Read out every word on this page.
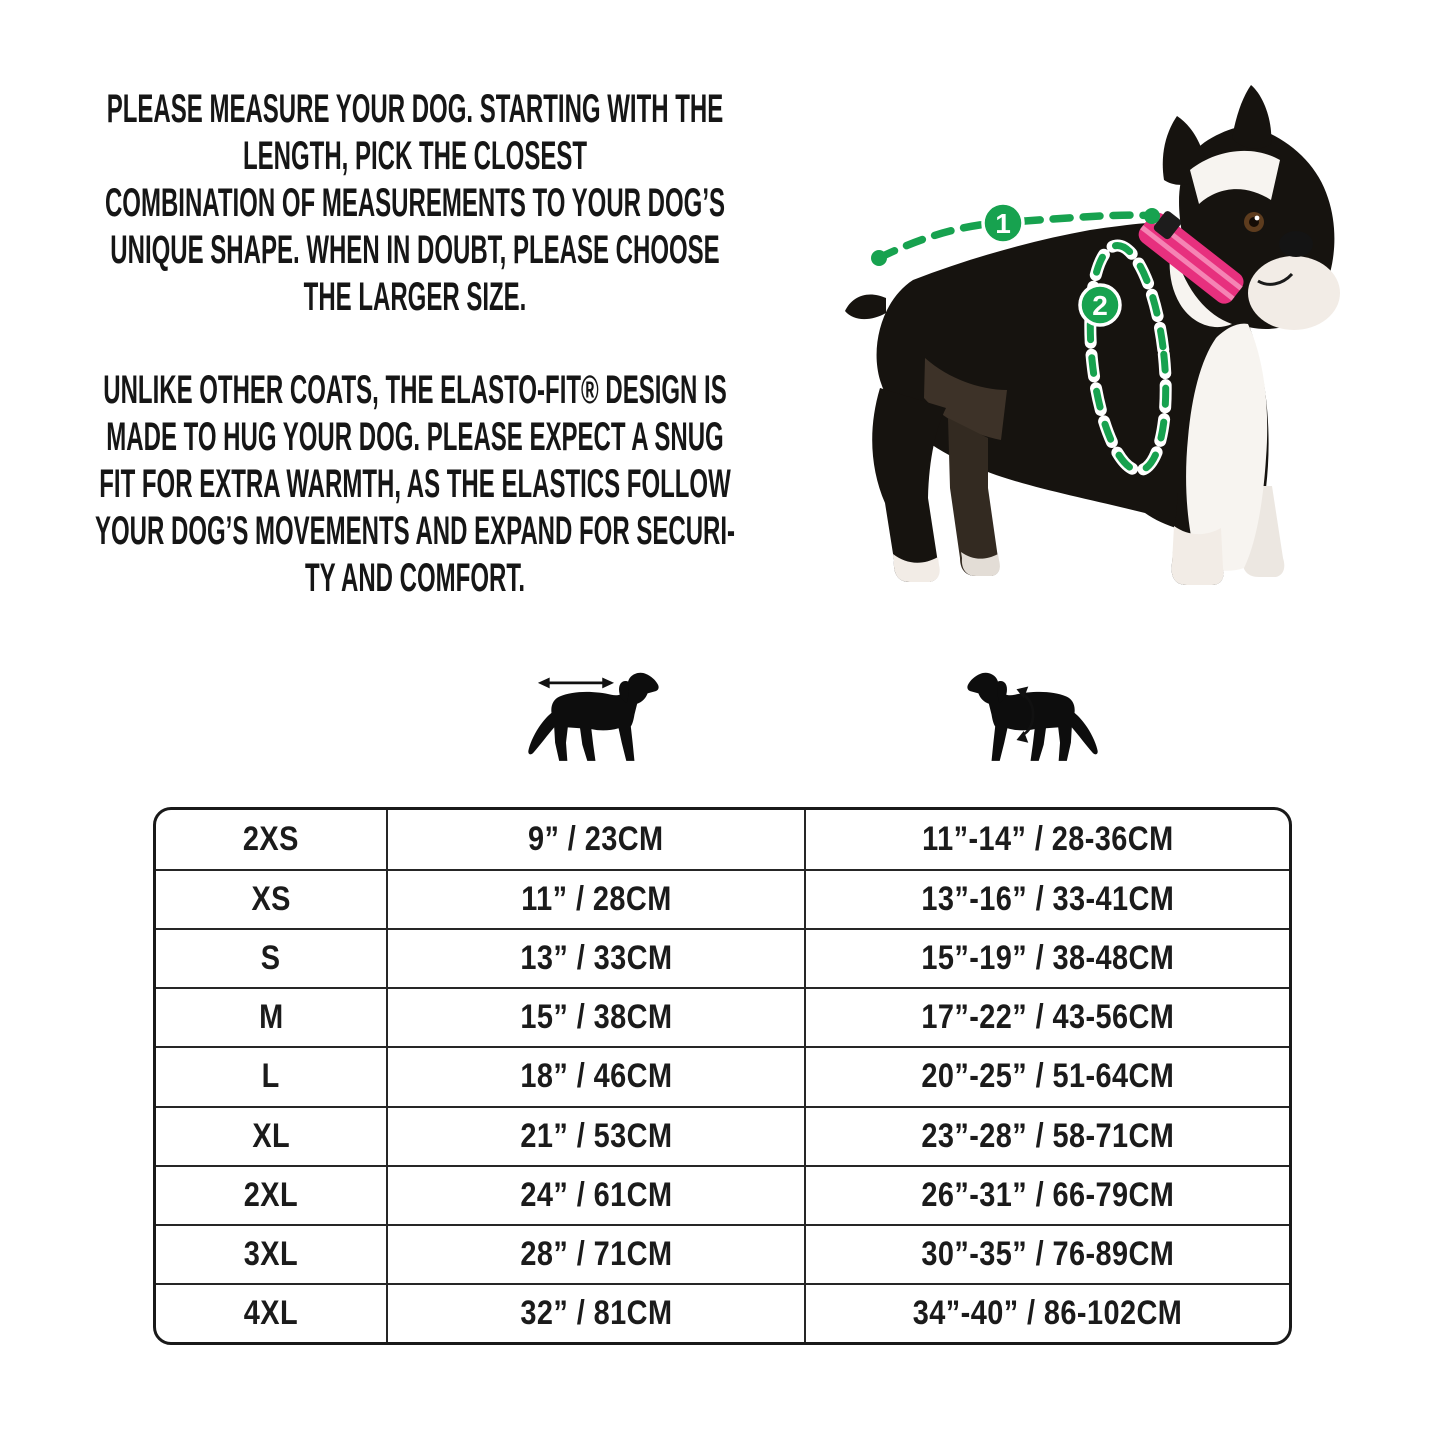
PLEASE MEASURE YOUR DOG. STARTING WITH THE
LENGTH, PICK THE CLOSEST
COMBINATION OF MEASUREMENTS TO YOUR DOG’S
UNIQUE SHAPE. WHEN IN DOUBT, PLEASE CHOOSE
THE LARGER SIZE.
UNLIKE OTHER COATS, THE ELASTO-FIT® DESIGN IS
MADE TO HUG YOUR DOG. PLEASE EXPECT A SNUG
FIT FOR EXTRA WARMTH, AS THE ELASTICS FOLLOW
YOUR DOG’S MOVEMENTS AND EXPAND FOR SECURI-
TY AND COMFORT.
1
2
2XS	9” / 23CM	11”-14” / 28-36CM
XS	11” / 28CM	13”-16” / 33-41CM
S	13” / 33CM	15”-19” / 38-48CM
M	15” / 38CM	17”-22” / 43-56CM
L	18” / 46CM	20”-25” / 51-64CM
XL	21” / 53CM	23”-28” / 58-71CM
2XL	24” / 61CM	26”-31” / 66-79CM
3XL	28” / 71CM	30”-35” / 76-89CM
4XL	32” / 81CM	34”-40” / 86-102CM
